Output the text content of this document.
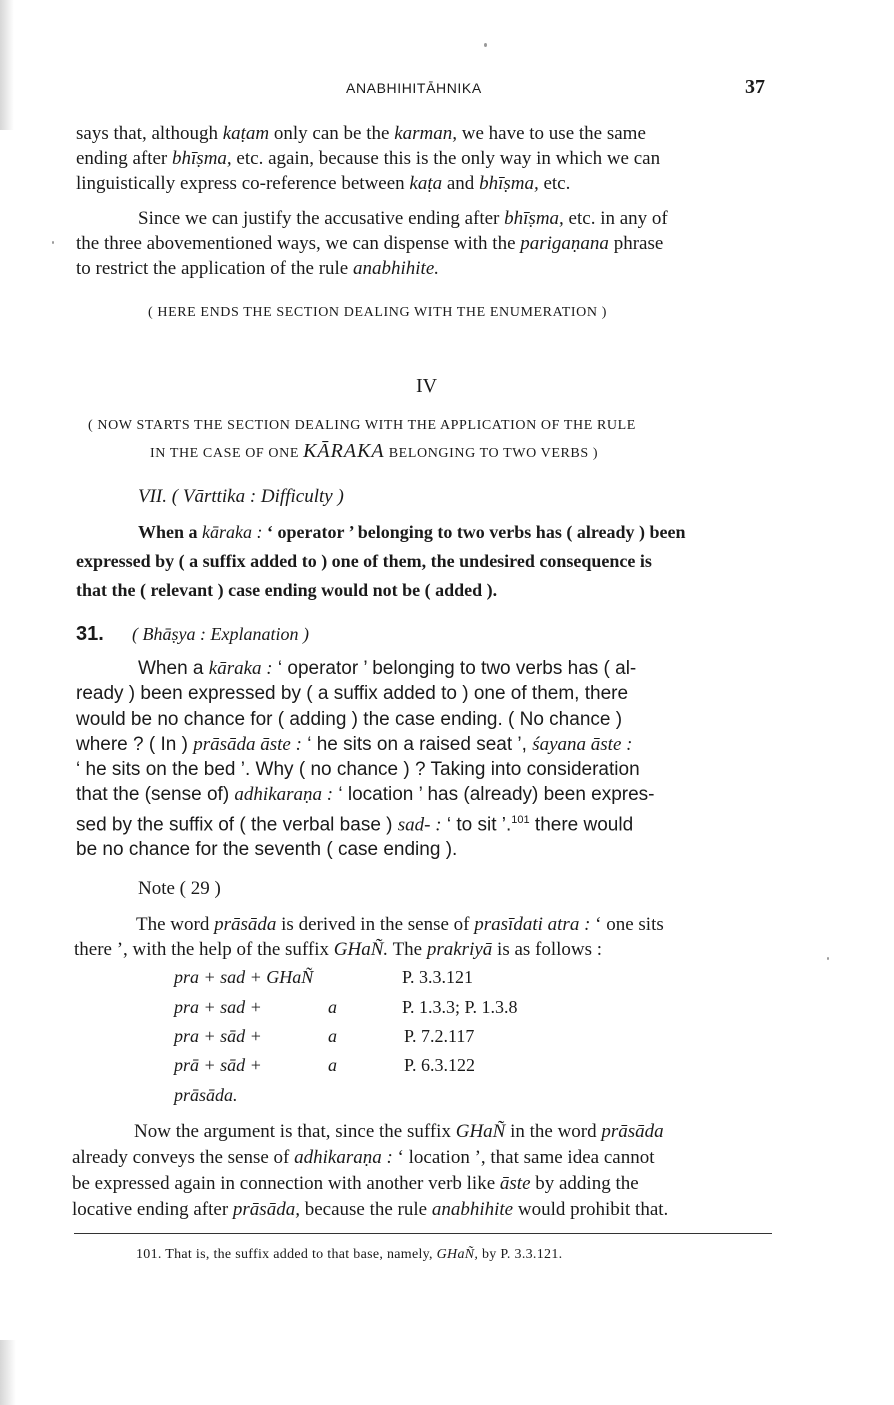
ANABHIHITĀHNIKA	37
says that, although kaṭam only can be the karman, we have to use the same
ending after bhīṣma, etc. again, because this is the only way in which we can
linguistically express co-reference between kaṭa and bhīṣma, etc.
Since we can justify the accusative ending after bhīṣma, etc. in any of
the three abovementioned ways, we can dispense with the parigaṇana phrase
to restrict the application of the rule anabhihite.
( HERE ENDS THE SECTION DEALING WITH THE ENUMERATION )
IV
( NOW STARTS THE SECTION DEALING WITH THE APPLICATION OF THE RULE
IN THE CASE OF ONE KĀRAKA BELONGING TO TWO VERBS )
VII. ( Vārttika : Difficulty )
When a kāraka : ‘ operator ’ belonging to two verbs has ( already ) been
expressed by ( a suffix added to ) one of them, the undesired consequence is
that the ( relevant ) case ending would not be ( added ).
31. ( Bhāṣya : Explanation )
When a kāraka : ‘ operator ’ belonging to two verbs has ( al-
ready ) been expressed by ( a suffix added to ) one of them, there
would be no chance for ( adding ) the case ending. ( No chance )
where ? ( In ) prāsāda āste : ‘ he sits on a raised seat ’, śayana āste :
‘ he sits on the bed ’. Why ( no chance ) ? Taking into consideration
that the (sense of) adhikaraṇa : ‘ location ’ has (already) been expres-
sed by the suffix of ( the verbal base ) sad- : ‘ to sit ’.$^{101}$ there would
be no chance for the seventh ( case ending ).
Note ( 29 )
The word prāsāda is derived in the sense of prasīdati atra : ‘ one sits
there ’, with the help of the suffix GHaÑ. The prakriyā is as follows :
pra + sad + GHaÑ	P. 3.3.121
pra + sad +	a	P. 1.3.3; P. 1.3.8
pra + sād +	a	P. 7.2.117
prā + sād +	a	P. 6.3.122
prāsāda.
Now the argument is that, since the suffix GHaÑ in the word prāsāda
already conveys the sense of adhikaraṇa : ‘ location ’, that same idea cannot
be expressed again in connection with another verb like āste by adding the
locative ending after prāsāda, because the rule anabhihite would prohibit that.
101. That is, the suffix added to that base, namely, GHaÑ, by P. 3.3.121.
